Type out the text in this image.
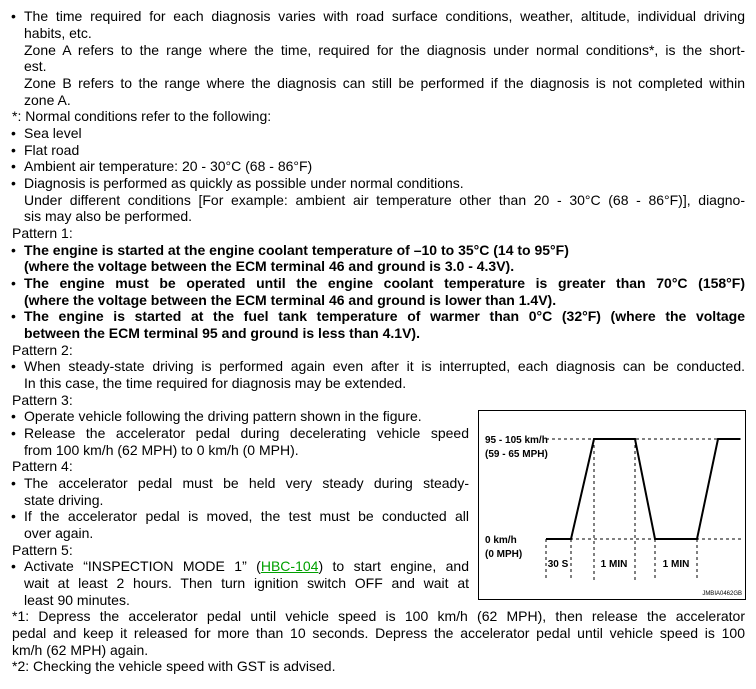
• The time required for each diagnosis varies with road surface conditions, weather, altitude, individual driving
habits, etc.
Zone A refers to the range where the time, required for the diagnosis under normal conditions*, is the short-
est.
Zone B refers to the range where the diagnosis can still be performed if the diagnosis is not completed within
zone A.
*: Normal conditions refer to the following:
• Sea level
• Flat road
• Ambient air temperature: 20 - 30°C (68 - 86°F)
• Diagnosis is performed as quickly as possible under normal conditions.
Under different conditions [For example: ambient air temperature other than 20 - 30°C (68 - 86°F)], diagno-
sis may also be performed.
Pattern 1:
• The engine is started at the engine coolant temperature of –10 to 35°C (14 to 95°F)
(where the voltage between the ECM terminal 46 and ground is 3.0 - 4.3V).
• The engine must be operated until the engine coolant temperature is greater than 70°C (158°F)
(where the voltage between the ECM terminal 46 and ground is lower than 1.4V).
• The engine is started at the fuel tank temperature of warmer than 0°C (32°F) (where the voltage
between the ECM terminal 95 and ground is less than 4.1V).
Pattern 2:
• When steady-state driving is performed again even after it is interrupted, each diagnosis can be conducted.
In this case, the time required for diagnosis may be extended.
Pattern 3:
• Operate vehicle following the driving pattern shown in the figure.
• Release the accelerator pedal during decelerating vehicle speed
from 100 km/h (62 MPH) to 0 km/h (0 MPH).
Pattern 4:
• The accelerator pedal must be held very steady during steady-
state driving.
• If the accelerator pedal is moved, the test must be conducted all
over again.
Pattern 5:
• Activate “INSPECTION MODE 1” (HBC-104) to start engine, and
wait at least 2 hours. Then turn ignition switch OFF and wait at
least 90 minutes.
*1: Depress the accelerator pedal until vehicle speed is 100 km/h (62 MPH), then release the accelerator
pedal and keep it released for more than 10 seconds. Depress the accelerator pedal until vehicle speed is 100
km/h (62 MPH) again.
*2: Checking the vehicle speed with GST is advised.
95 - 105 km/h
(59 - 65 MPH)
0 km/h
(0 MPH)
30 S	1 MIN	1 MIN
JMBIA0462GB
